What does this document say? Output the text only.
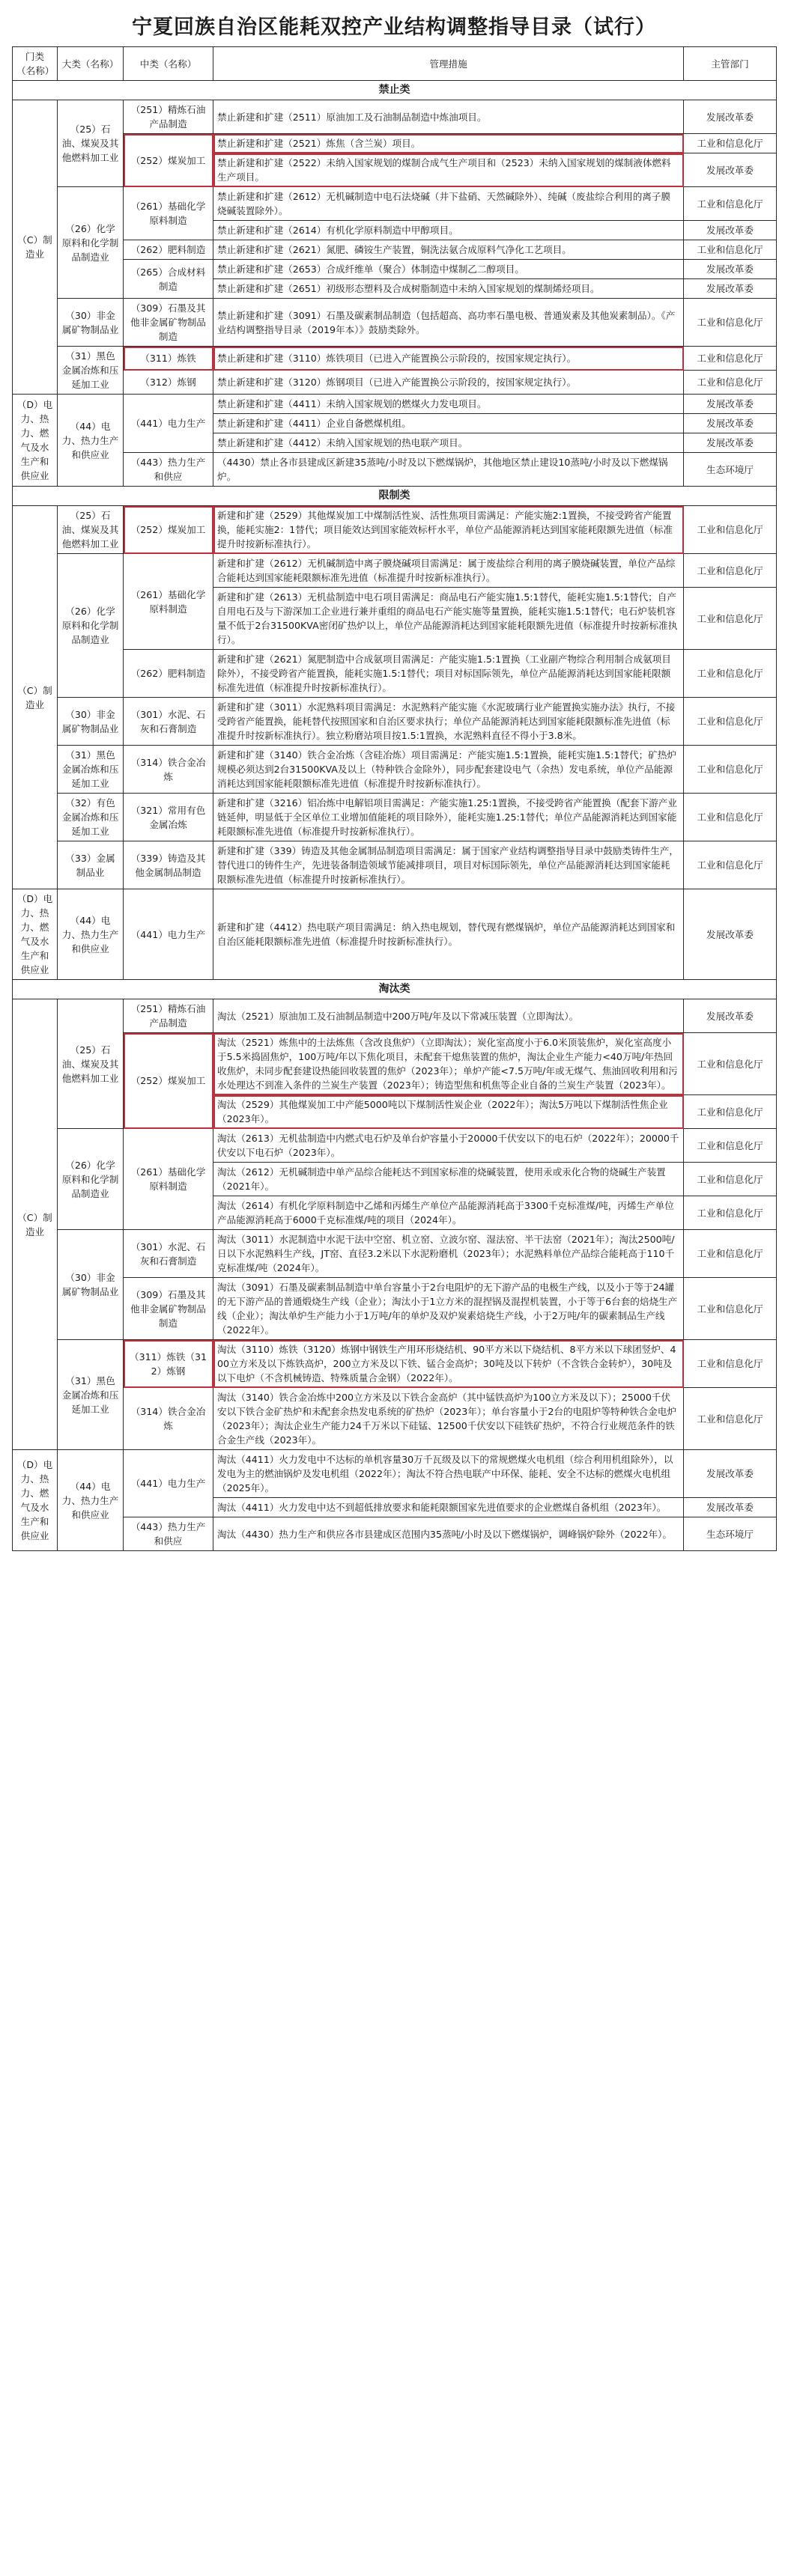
宁夏回族自治区能耗双控产业结构调整指导目录（试行）
门类（名称）	大类（名称）	中类（名称）	管理措施	主管部门
禁止类				
（C）制造业	（25）石油、煤炭及其他燃料加工业	（251）精炼石油产品制造	禁止新建和扩建（2511）原油加工及石油制品制造中炼油项目。	发展改革委
		（252）煤炭加工	禁止新建和扩建（2521）炼焦（含兰炭）项目。	工业和信息化厅
			禁止新建和扩建（2522）未纳入国家规划的煤制合成气生产项目和（2523）未纳入国家规划的煤制液体燃料生产项目。	发展改革委
	（26）化学原料和化学制品制造业	（261）基础化学原料制造	禁止新建和扩建（2612）无机碱制造中电石法烧碱（井下盐硝、天然碱除外）、纯碱（废盐综合利用的离子膜烧碱装置除外）。	工业和信息化厅
			禁止新建和扩建（2614）有机化学原料制造中甲醇项目。	发展改革委
		（262）肥料制造	禁止新建和扩建（2621）氮肥、磷铵生产装置，铜洗法氨合成原料气净化工艺项目。	工业和信息化厅
		（265）合成材料制造	禁止新建和扩建（2653）合成纤维单（聚合）体制造中煤制乙二醇项目。	发展改革委
			禁止新建和扩建（2651）初级形态塑料及合成树脂制造中未纳入国家规划的煤制烯烃项目。	发展改革委
	（30）非金属矿物制品业	（309）石墨及其他非金属矿物制品制造	禁止新建和扩建（3091）石墨及碳素制品制造（包括超高、高功率石墨电极、普通炭素及其他炭素制品）。《产业结构调整指导目录（2019年本）》鼓励类除外。	工业和信息化厅
	（31）黑色金属冶炼和压延加工业	（311）炼铁	禁止新建和扩建（3110）炼铁项目（已进入产能置换公示阶段的，按国家规定执行）。	工业和信息化厅
		（312）炼钢	禁止新建和扩建（3120）炼钢项目（已进入产能置换公示阶段的，按国家规定执行）。	工业和信息化厅
（D）电力、热力、燃气及水生产和供应业	（44）电力、热力生产和供应业	（441）电力生产	禁止新建和扩建（4411）未纳入国家规划的燃煤火力发电项目。	发展改革委
			禁止新建和扩建（4411）企业自备燃煤机组。	发展改革委
			禁止新建和扩建（4412）未纳入国家规划的热电联产项目。	发展改革委
		（443）热力生产和供应	（4430）禁止各市县建成区新建35蒸吨/小时及以下燃煤锅炉，其他地区禁止建设10蒸吨/小时及以下燃煤锅炉。	生态环境厅
限制类				
（C）制造业	（25）石油、煤炭及其他燃料加工业	（252）煤炭加工	新建和扩建（2529）其他煤炭加工中煤制活性炭、活性焦项目需满足：产能实施2:1置换，不接受跨省产能置换，能耗实施2：1替代；项目能效达到国家能效标杆水平，单位产品能源消耗达到国家能耗限额先进值（标准提升时按新标准执行）。	工业和信息化厅
	（26）化学原料和化学制品制造业	（261）基础化学原料制造	新建和扩建（2612）无机碱制造中离子膜烧碱项目需满足：属于废盐综合利用的离子膜烧碱装置，单位产品综合能耗达到国家能耗限额标准先进值（标准提升时按新标准执行）。	工业和信息化厅
			新建和扩建（2613）无机盐制造中电石项目需满足：商品电石产能实施1.5:1替代，能耗实施1.5:1替代；自产自用电石及与下游深加工企业进行兼并重组的商品电石产能实施等量置换，能耗实施1.5:1替代；电石炉装机容量不低于2台31500KVA密闭矿热炉以上，单位产品能源消耗达到国家能耗限额先进值（标准提升时按新标准执行）。	工业和信息化厅
		（262）肥料制造	新建和扩建（2621）氮肥制造中合成氨项目需满足：产能实施1.5:1置换（工业副产物综合利用制合成氨项目除外），不接受跨省产能置换，能耗实施1.5:1替代；项目对标国际领先，单位产品能源消耗达到国家能耗限额标准先进值（标准提升时按新标准执行）。	工业和信息化厅
	（30）非金属矿物制品业	（301）水泥、石灰和石膏制造	新建和扩建（3011）水泥熟料项目需满足：水泥熟料产能实施《水泥玻璃行业产能置换实施办法》执行，不接受跨省产能置换，能耗替代按照国家和自治区要求执行；单位产品能源消耗达到国家能耗限额标准先进值（标准提升时按新标准执行）。独立粉磨站项目按1.5:1置换，水泥熟料直径不得小于3.8米。	工业和信息化厅
	（31）黑色金属冶炼和压延加工业	（314）铁合金冶炼	新建和扩建（3140）铁合金冶炼（含硅冶炼）项目需满足：产能实施1.5:1置换，能耗实施1.5:1替代；矿热炉规模必须达到2台31500KVA及以上（特种铁合金除外），同步配套建设电气（余热）发电系统，单位产品能源消耗达到国家能耗限额标准先进值（标准提升时按新标准执行）。	工业和信息化厅
	（32）有色金属冶炼和压延加工业	（321）常用有色金属冶炼	新建和扩建（3216）铝冶炼中电解铝项目需满足：产能实施1.25:1置换，不接受跨省产能置换（配套下游产业链延伸，明显低于全区单位工业增加值能耗的项目除外），能耗实施1.25:1替代；单位产品能源消耗达到国家能耗限额标准先进值（标准提升时按新标准执行）。	工业和信息化厅
	（33）金属制品业	（339）铸造及其他金属制品制造	新建和扩建（339）铸造及其他金属制品制造项目需满足：属于国家产业结构调整指导目录中鼓励类铸件生产，替代进口的铸件生产，先进装备制造领域节能减排项目，项目对标国际领先，单位产品能源消耗达到国家能耗限额标准先进值（标准提升时按新标准执行）。	工业和信息化厅
（D）电力、热力、燃气及水生产和供应业	（44）电力、热力生产和供应业	（441）电力生产	新建和扩建（4412）热电联产项目需满足：纳入热电规划，替代现有燃煤锅炉，单位产品能源消耗达到国家和自治区能耗限额标准先进值（标准提升时按新标准执行）。	发展改革委
淘汰类				
（C）制造业	（25）石油、煤炭及其他燃料加工业	（251）精炼石油产品制造	淘汰（2521）原油加工及石油制品制造中200万吨/年及以下常减压装置（立即淘汰）。	发展改革委
		（252）煤炭加工	淘汰（2521）炼焦中的土法炼焦（含改良焦炉）（立即淘汰）；炭化室高度小于6.0米顶装焦炉，炭化室高度小于5.5米捣固焦炉，100万吨/年以下焦化项目，未配套干熄焦装置的焦炉，淘汰企业生产能力<40万吨/年热回收焦炉，未同步配套建设热能回收装置的焦炉（2023年）；单炉产能<7.5万吨/年或无煤气、焦油回收利用和污水处理达不到准入条件的兰炭生产装置（2023年）；铸造型焦和机焦等企业自备的兰炭生产装置（2023年）。	工业和信息化厅
			淘汰（2529）其他煤炭加工中产能5000吨以下煤制活性炭企业（2022年）；淘汰5万吨以下煤制活性焦企业（2023年）。	工业和信息化厅
	（26）化学原料和化学制品制造业	（261）基础化学原料制造	淘汰（2613）无机盐制造中内燃式电石炉及单台炉容量小于20000千伏安以下的电石炉（2022年）；20000千伏安以下电石炉（2023年）。	工业和信息化厅
			淘汰（2612）无机碱制造中单产品综合能耗达不到国家标准的烧碱装置，使用汞或汞化合物的烧碱生产装置（2021年）。	工业和信息化厅
			淘汰（2614）有机化学原料制造中乙烯和丙烯生产单位产品能源消耗高于3300千克标准煤/吨，丙烯生产单位产品能源消耗高于6000千克标准煤/吨的项目（2024年）。	工业和信息化厅
	（30）非金属矿物制品业	（301）水泥、石灰和石膏制造	淘汰（3011）水泥制造中水泥干法中空窑、机立窑、立波尔窑、湿法窑、半干法窑（2021年）；淘汰2500吨/日以下水泥熟料生产线，JT窑、直径3.2米以下水泥粉磨机（2023年）；水泥熟料单位产品综合能耗高于110千克标准煤/吨（2024年）。	工业和信息化厅
		（309）石墨及其他非金属矿物制品制造	淘汰（3091）石墨及碳素制品制造中单台容量小于2台电阻炉的无下游产品的电极生产线，以及小于等于24罐的无下游产品的普通煅烧生产线（企业）；淘汰小于1立方米的混捏锅及混捏机装置，小于等于6台套的焙烧生产线（企业）；淘汰单炉生产能力小于1万吨/年的单炉及双炉炭素焙烧生产线，小于2万吨/年的碳素制品生产线（2022年）。	工业和信息化厅
	（31）黑色金属冶炼和压延加工业	（311）炼铁（312）炼钢	淘汰（3110）炼铁（3120）炼钢中钢铁生产用环形烧结机、90平方米以下烧结机、8平方米以下球团竖炉、400立方米及以下炼铁高炉，200立方米及以下铁、锰合金高炉；30吨及以下转炉（不含铁合金转炉），30吨及以下电炉（不含机械铸造、特殊质量合金钢）（2022年）。	工业和信息化厅
		（314）铁合金冶炼	淘汰（3140）铁合金冶炼中200立方米及以下铁合金高炉（其中锰铁高炉为100立方米及以下）；25000千伏安以下铁合金矿热炉和未配套余热发电系统的矿热炉（2023年）；单台容量小于2台的电阻炉等特种铁合金电炉（2023年）；淘汰企业生产能力24千万米以下硅锰、12500千伏安以下硅铁矿热炉，不符合行业规范条件的铁合金生产线（2023年）。	工业和信息化厅
（D）电力、热力、燃气及水生产和供应业	（44）电力、热力生产和供应业	（441）电力生产	淘汰（4411）火力发电中不达标的单机容量30万千瓦级及以下的常规燃煤火电机组（综合利用机组除外），以发电为主的燃油锅炉及发电机组（2022年）；淘汰不符合热电联产中环保、能耗、安全不达标的燃煤火电机组（2025年）。	发展改革委
			淘汰（4411）火力发电中达不到超低排放要求和能耗限额国家先进值要求的企业燃煤自备机组（2023年）。	发展改革委
		（443）热力生产和供应	淘汰（4430）热力生产和供应各市县建成区范围内35蒸吨/小时及以下燃煤锅炉，调峰锅炉除外（2022年）。	生态环境厅
